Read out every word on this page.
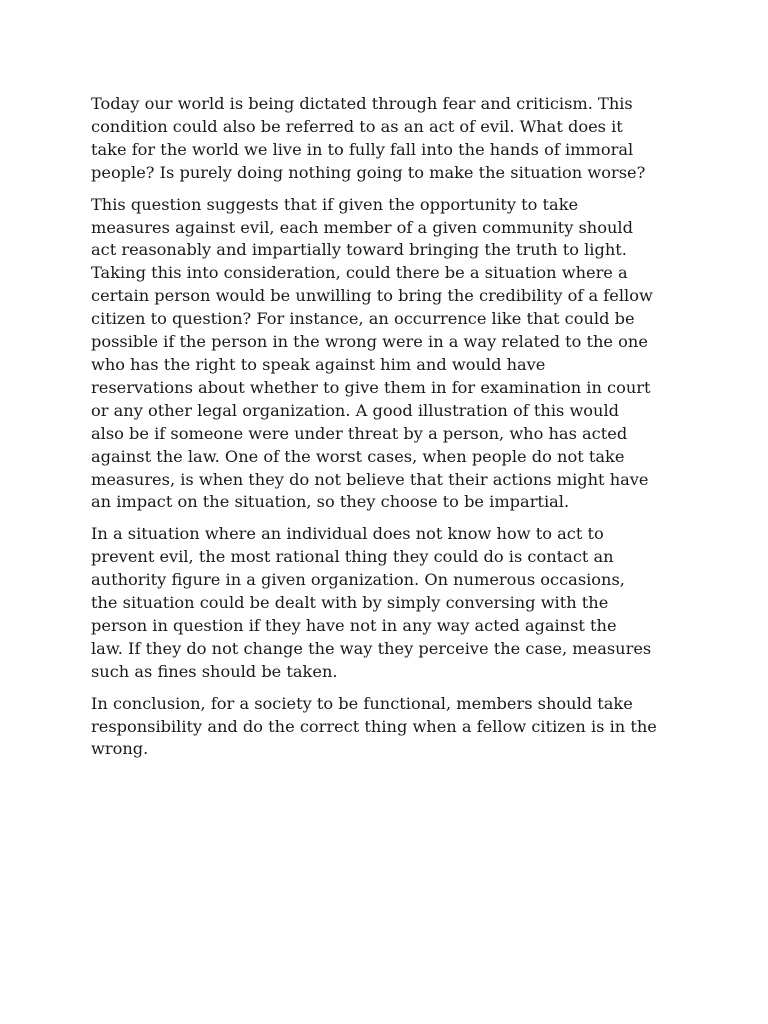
Today our world is being dictated through fear and criticism. This
condition could also be referred to as an act of evil. What does it
take for the world we live in to fully fall into the hands of immoral
people? Is purely doing nothing going to make the situation worse?

This question suggests that if given the opportunity to take
measures against evil, each member of a given community should
act reasonably and impartially toward bringing the truth to light.
Taking this into consideration, could there be a situation where a
certain person would be unwilling to bring the credibility of a fellow
citizen to question? For instance, an occurrence like that could be
possible if the person in the wrong were in a way related to the one
who has the right to speak against him and would have
reservations about whether to give them in for examination in court
or any other legal organization. A good illustration of this would
also be if someone were under threat by a person, who has acted
against the law. One of the worst cases, when people do not take
measures, is when they do not believe that their actions might have
an impact on the situation, so they choose to be impartial.

In a situation where an individual does not know how to act to
prevent evil, the most rational thing they could do is contact an
authority figure in a given organization. On numerous occasions,
the situation could be dealt with by simply conversing with the
person in question if they have not in any way acted against the
law. If they do not change the way they perceive the case, measures
such as fines should be taken.

In conclusion, for a society to be functional, members should take
responsibility and do the correct thing when a fellow citizen is in the
wrong.
